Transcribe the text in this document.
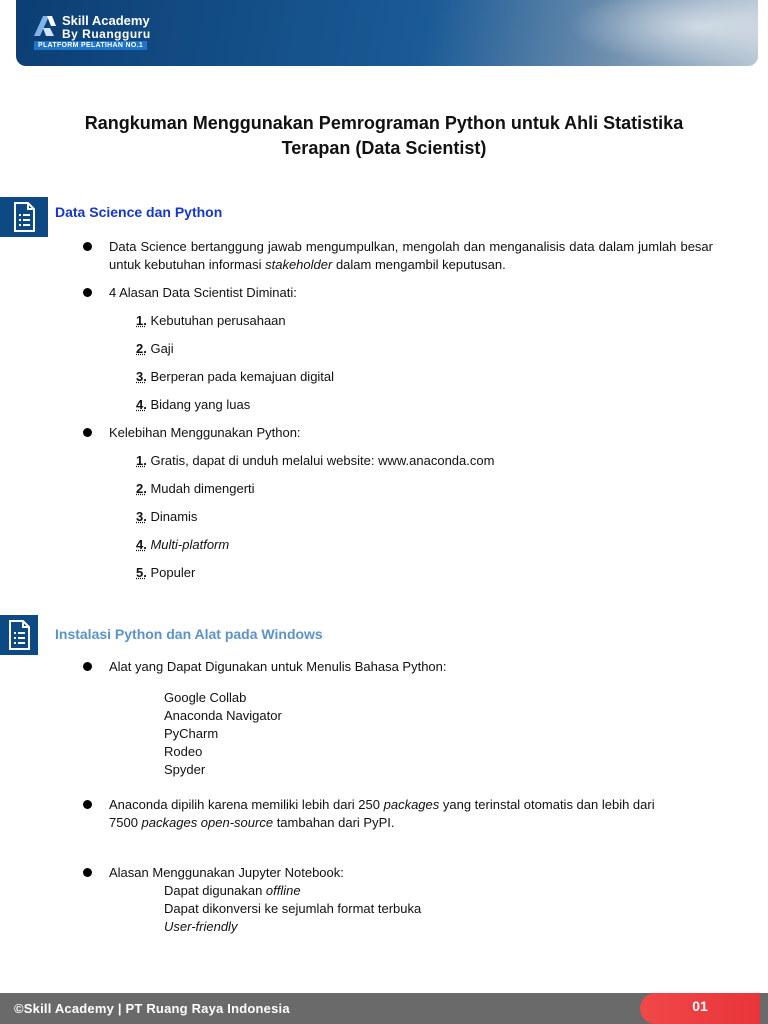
Skill Academy
By Ruangguru
PLATFORM PELATIHAN NO.1
Rangkuman Menggunakan Pemrograman Python untuk Ahli Statistika
Terapan (Data Scientist)
Data Science dan Python
Data Science bertanggung jawab mengumpulkan, mengolah dan menganalisis data dalam jumlah besar untuk kebutuhan informasi stakeholder dalam mengambil keputusan.
4 Alasan Data Scientist Diminati:
1. Kebutuhan perusahaan
2. Gaji
3. Berperan pada kemajuan digital
4. Bidang yang luas
Kelebihan Menggunakan Python:
1. Gratis, dapat di unduh melalui website: www.anaconda.com
2. Mudah dimengerti
3. Dinamis
4. Multi-platform
5. Populer
Instalasi Python dan Alat pada Windows
Alat yang Dapat Digunakan untuk Menulis Bahasa Python:
Google Collab
Anaconda Navigator
PyCharm
Rodeo
Spyder
Anaconda dipilih karena memiliki lebih dari 250 packages yang terinstal otomatis dan lebih dari
7500 packages open-source tambahan dari PyPI.
Alasan Menggunakan Jupyter Notebook:
Dapat digunakan offline
Dapat dikonversi ke sejumlah format terbuka
User-friendly
©Skill Academy | PT Ruang Raya Indonesia	01
